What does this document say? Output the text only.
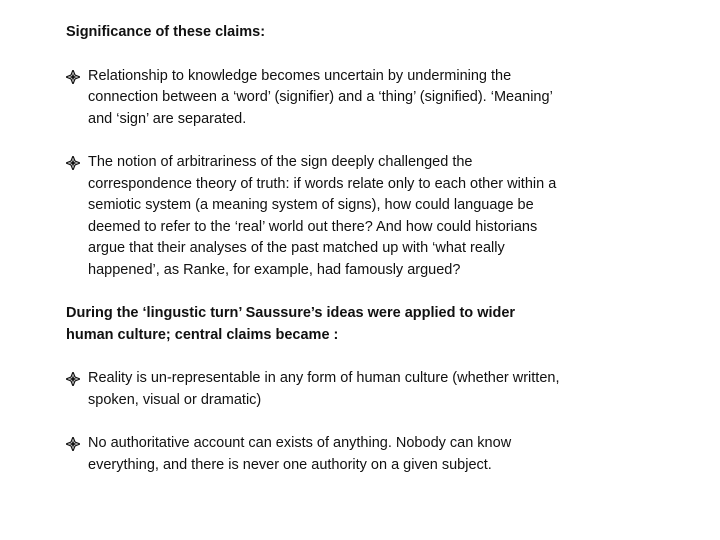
Significance of these claims:

Relationship to knowledge becomes uncertain by undermining the connection between a ‘word’ (signifier) and a ‘thing’ (signified). ‘Meaning’ and ‘sign’ are separated.
The notion of arbitrariness of the sign deeply challenged the correspondence theory of truth: if words relate only to each other within a semiotic system (a meaning system of signs), how could language be deemed to refer to the ‘real’ world out there? And how could historians argue that their analyses of the past matched up with ‘what really happened’, as Ranke, for example, had famously argued?

During the ‘lingustic turn’ Saussure’s ideas were applied to wider human culture; central claims became :

Reality is un-representable in any form of human culture (whether written, spoken, visual or dramatic)
No authoritative account can exists of anything. Nobody can know everything, and there is never one authority on a given subject.
